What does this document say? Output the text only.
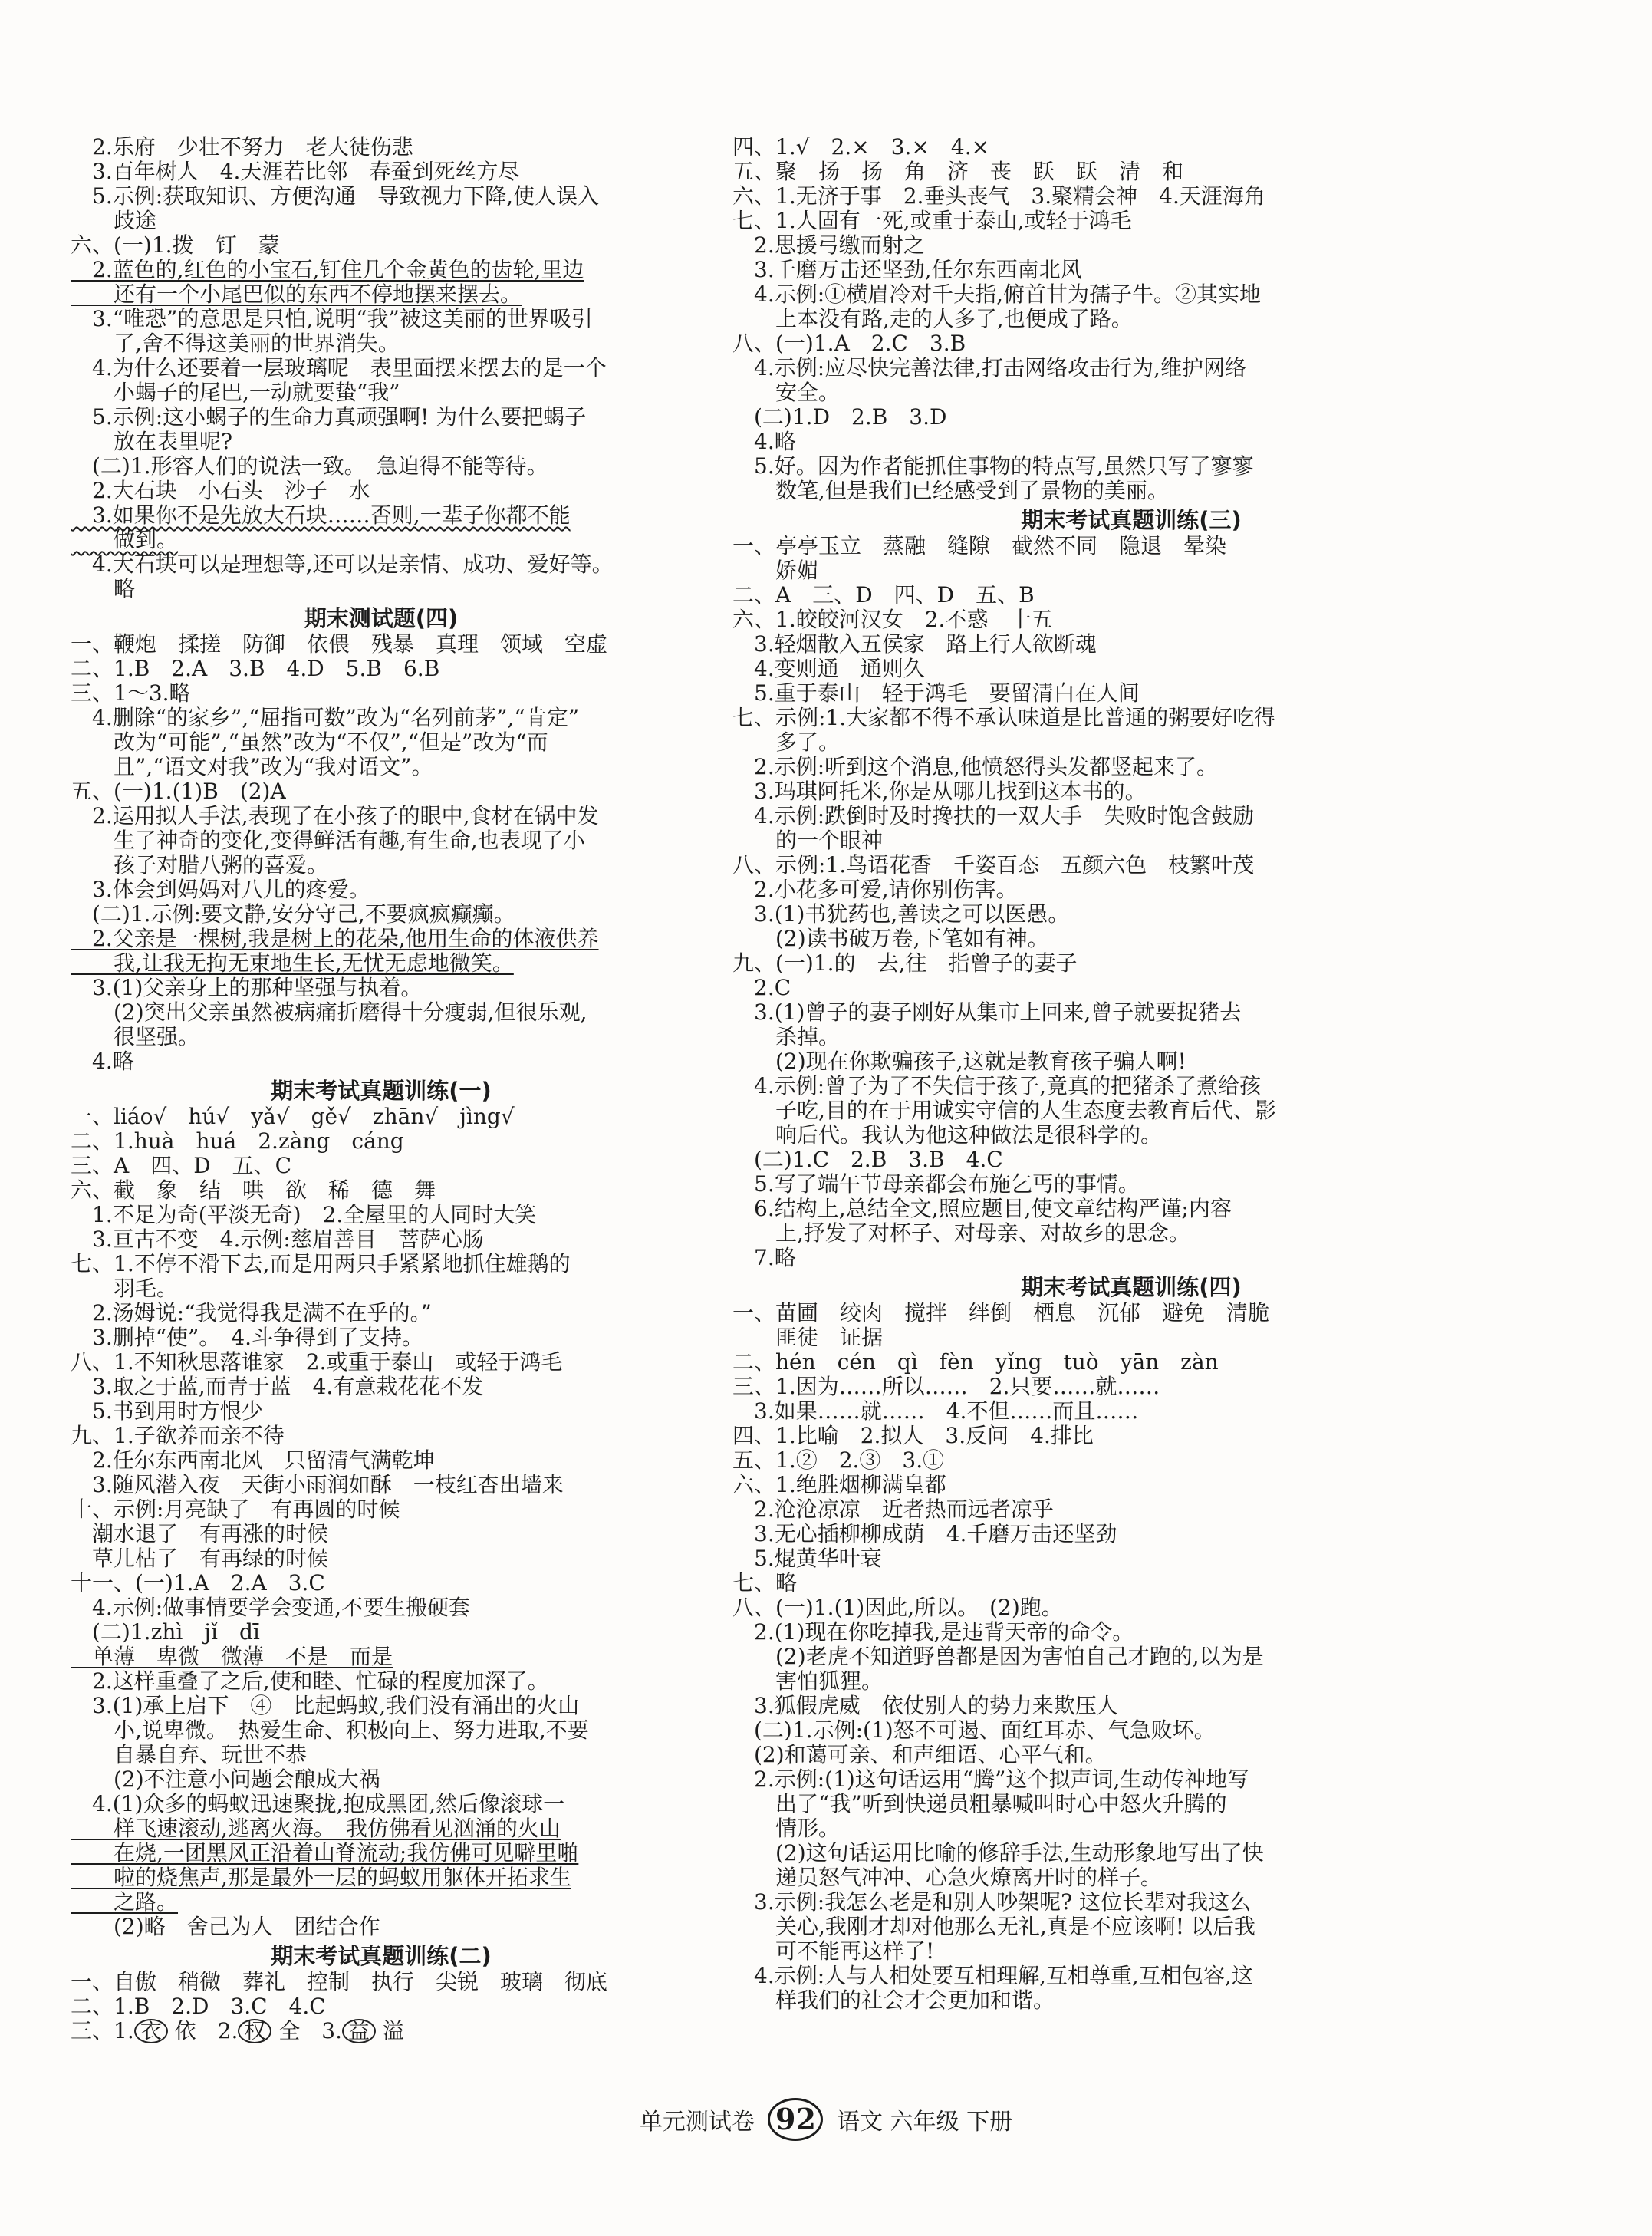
　2.乐府　少壮不努力　老大徒伤悲
　3.百年树人　4.天涯若比邻　春蚕到死丝方尽
　5.示例:获取知识、方便沟通　导致视力下降,使人误入
　　歧途
六、(一)1.拨　钉　蒙
　2.蓝色的,红色的小宝石,钉住几个金黄色的齿轮,里边
　　还有一个小尾巴似的东西不停地摆来摆去。
　3.“唯恐”的意思是只怕,说明“我”被这美丽的世界吸引
　　了,舍不得这美丽的世界消失。
　4.为什么还要着一层玻璃呢　表里面摆来摆去的是一个
　　小蝎子的尾巴,一动就要蛰“我”
　5.示例:这小蝎子的生命力真顽强啊! 为什么要把蝎子
　　放在表里呢?
　(二)1.形容人们的说法一致。　急迫得不能等待。
　2.大石块　小石头　沙子　水
　3.如果你不是先放大石块……否则,一辈子你都不能
　　做到。
　4.大石块可以是理想等,还可以是亲情、成功、爱好等。
　　略
期末测试题(四)
一、鞭炮　揉搓　防御　依偎　残暴　真理　领域　空虚
二、1.B　2.A　3.B　4.D　5.B　6.B
三、1～3.略
　4.删除“的家乡”,“屈指可数”改为“名列前茅”,“肯定”
　　改为“可能”,“虽然”改为“不仅”,“但是”改为“而
　　且”,“语文对我”改为“我对语文”。
五、(一)1.(1)B　(2)A
　2.运用拟人手法,表现了在小孩子的眼中,食材在锅中发
　　生了神奇的变化,变得鲜活有趣,有生命,也表现了小
　　孩子对腊八粥的喜爱。
　3.体会到妈妈对八儿的疼爱。
　(二)1.示例:要文静,安分守己,不要疯疯癫癫。
　2.父亲是一棵树,我是树上的花朵,他用生命的体液供养
　　我,让我无拘无束地生长,无忧无虑地微笑。
　3.(1)父亲身上的那种坚强与执着。
　　(2)突出父亲虽然被病痛折磨得十分瘦弱,但很乐观,
　　很坚强。
　4.略
期末考试真题训练(一)
一、liáo√　hú√　yǎ√　gě√　zhān√　jìng√
二、1.huà　huá　2.zàng　cáng
三、A　四、D　五、C
六、截　象　结　哄　欲　稀　德　舞
　1.不足为奇(平淡无奇)　2.全屋里的人同时大笑
　3.亘古不变　4.示例:慈眉善目　菩萨心肠
七、1.不停不滑下去,而是用两只手紧紧地抓住雄鹅的
　　羽毛。
　2.汤姆说:“我觉得我是满不在乎的。”
　3.删掉“使”。　4.斗争得到了支持。
八、1.不知秋思落谁家　2.或重于泰山　或轻于鸿毛
　3.取之于蓝,而青于蓝　4.有意栽花花不发
　5.书到用时方恨少
九、1.子欲养而亲不待
　2.任尔东西南北风　只留清气满乾坤
　3.随风潜入夜　天街小雨润如酥　一枝红杏出墙来
十、示例:月亮缺了　有再圆的时候
　潮水退了　有再涨的时候
　草儿枯了　有再绿的时候
十一、(一)1.A　2.A　3.C
　4.示例:做事情要学会变通,不要生搬硬套
　(二)1.zhì　jǐ　dī
　单薄　卑微　微薄　不是　而是
　2.这样重叠了之后,使和睦、忙碌的程度加深了。
　3.(1)承上启下　④　比起蚂蚁,我们没有涌出的火山
　　小,说卑微。　热爱生命、积极向上、努力进取,不要
　　自暴自弃、玩世不恭
　　(2)不注意小问题会酿成大祸
　4.(1)众多的蚂蚁迅速聚拢,抱成黑团,然后像滚球一
　　样飞速滚动,逃离火海。　我仿佛看见汹涌的火山
　　在烧,一团黑风正沿着山脊流动;我仿佛可见噼里啪
　　啦的烧焦声,那是最外一层的蚂蚁用躯体开拓求生
　　之路。
　　(2)略　舍己为人　团结合作
期末考试真题训练(二)
一、自傲　稍微　葬礼　控制　执行　尖锐　玻璃　彻底
二、1.B　2.D　3.C　4.C
三、1. 衣 依　2. 权 全　3. 益 溢
四、1.√　2.×　3.×　4.×
五、聚　扬　扬　角　济　丧　跃　跃　清　和
六、1.无济于事　2.垂头丧气　3.聚精会神　4.天涯海角
七、1.人固有一死,或重于泰山,或轻于鸿毛
　2.思援弓缴而射之
　3.千磨万击还坚劲,任尔东西南北风
　4.示例:①横眉冷对千夫指,俯首甘为孺子牛。②其实地
　　上本没有路,走的人多了,也便成了路。
八、(一)1.A　2.C　3.B
　4.示例:应尽快完善法律,打击网络攻击行为,维护网络
　　安全。
　(二)1.D　2.B　3.D
　4.略
　5.好。因为作者能抓住事物的特点写,虽然只写了寥寥
　　数笔,但是我们已经感受到了景物的美丽。
期末考试真题训练(三)
一、亭亭玉立　蒸融　缝隙　截然不同　隐退　晕染
　　娇媚
二、A　三、D　四、D　五、B
六、1.皎皎河汉女　2.不惑　十五
　3.轻烟散入五侯家　路上行人欲断魂
　4.变则通　通则久
　5.重于泰山　轻于鸿毛　要留清白在人间
七、示例:1.大家都不得不承认味道是比普通的粥要好吃得
　　多了。
　2.示例:听到这个消息,他愤怒得头发都竖起来了。
　3.玛琪阿托米,你是从哪儿找到这本书的。
　4.示例:跌倒时及时搀扶的一双大手　失败时饱含鼓励
　　的一个眼神
八、示例:1.鸟语花香　千姿百态　五颜六色　枝繁叶茂
　2.小花多可爱,请你别伤害。
　3.(1)书犹药也,善读之可以医愚。
　　(2)读书破万卷,下笔如有神。
九、(一)1.的　去,往　指曾子的妻子
　2.C
　3.(1)曾子的妻子刚好从集市上回来,曾子就要捉猪去
　　杀掉。
　　(2)现在你欺骗孩子,这就是教育孩子骗人啊!
　4.示例:曾子为了不失信于孩子,竟真的把猪杀了煮给孩
　　子吃,目的在于用诚实守信的人生态度去教育后代、影
　　响后代。我认为他这种做法是很科学的。
　(二)1.C　2.B　3.B　4.C
　5.写了端午节母亲都会布施乞丐的事情。
　6.结构上,总结全文,照应题目,使文章结构严谨;内容
　　上,抒发了对杯子、对母亲、对故乡的思念。
　7.略
期末考试真题训练(四)
一、苗圃　绞肉　搅拌　绊倒　栖息　沉郁　避免　清脆
　　匪徒　证据
二、hén　cén　qì　fèn　yǐng　tuò　yān　zàn
三、1.因为……所以……　2.只要……就……
　3.如果……就……　4.不但……而且……
四、1.比喻　2.拟人　3.反问　4.排比
五、1.②　2.③　3.①
六、1.绝胜烟柳满皇都
　2.沧沧凉凉　近者热而远者凉乎
　3.无心插柳柳成荫　4.千磨万击还坚劲
　5.焜黄华叶衰
七、略
八、(一)1.(1)因此,所以。　(2)跑。
　2.(1)现在你吃掉我,是违背天帝的命令。
　　(2)老虎不知道野兽都是因为害怕自己才跑的,以为是
　　害怕狐狸。
　3.狐假虎威　依仗别人的势力来欺压人
　(二)1.示例:(1)怒不可遏、面红耳赤、气急败坏。
　(2)和蔼可亲、和声细语、心平气和。
　2.示例:(1)这句话运用“腾”这个拟声词,生动传神地写
　　出了“我”听到快递员粗暴喊叫时心中怒火升腾的
　　情形。
　　(2)这句话运用比喻的修辞手法,生动形象地写出了快
　　递员怒气冲冲、心急火燎离开时的样子。
　3.示例:我怎么老是和别人吵架呢? 这位长辈对我这么
　　关心,我刚才却对他那么无礼,真是不应该啊! 以后我
　　可不能再这样了!
　4.示例:人与人相处要互相理解,互相尊重,互相包容,这
　　样我们的社会才会更加和谐。
单元测试卷 92 语文 六年级 下册
